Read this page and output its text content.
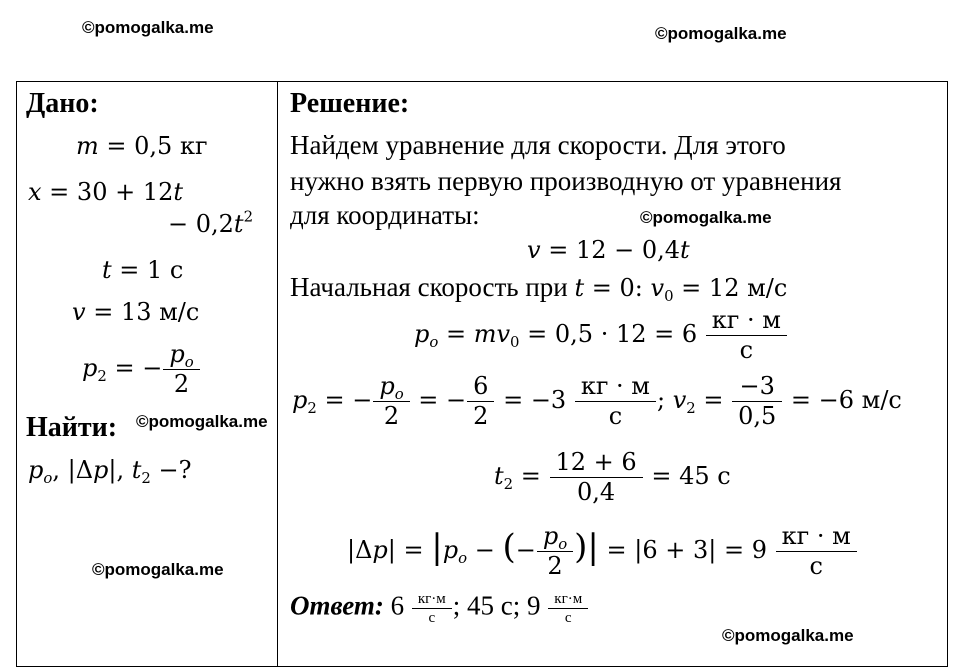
©pomogalka.me	©pomogalka.me
©pomogalka.me
©pomogalka.me
©pomogalka.me
©pomogalka.me
Дано:
m = 0,5 кг
x = 30 + 12t
− $0,2t^2$
t = 1 с
v = 13 м/с
$p_2$ = − $\frac{p_o}{2}$
Найти:
$p_o$, |Δp|, $t_2$ −?
Решение:
Найдем уравнение для скорости. Для этого
нужно взять первую производную от уравнения
для координаты:
v = 12 − 0,4t
Начальная скорость при t = 0: $v_0 = 12$ м/с
$p_o = mv_0 = 0,5 \cdot 12 = 6 \frac{кг \cdot м}{с}$
$p_2$ = − $\frac{p_o}{2}$ = − $\frac{6}{2} = -3 \frac{кг \cdot м}{с}$ ; $v_2 = \frac{-3}{0,5} = -6$ м/с
$t_2 = \frac{12 + 6}{0,4} = 45$ с
$|\Delta p| = |p_o$ − (− $\frac{p_o}{2}$ )| = $|6 + 3| = 9 \frac{кг \cdot м}{с}$
Ответ: $6 \frac{кг\cdot м}{с}$ ; 45 с; $9 \frac{кг\cdot м}{с}$
